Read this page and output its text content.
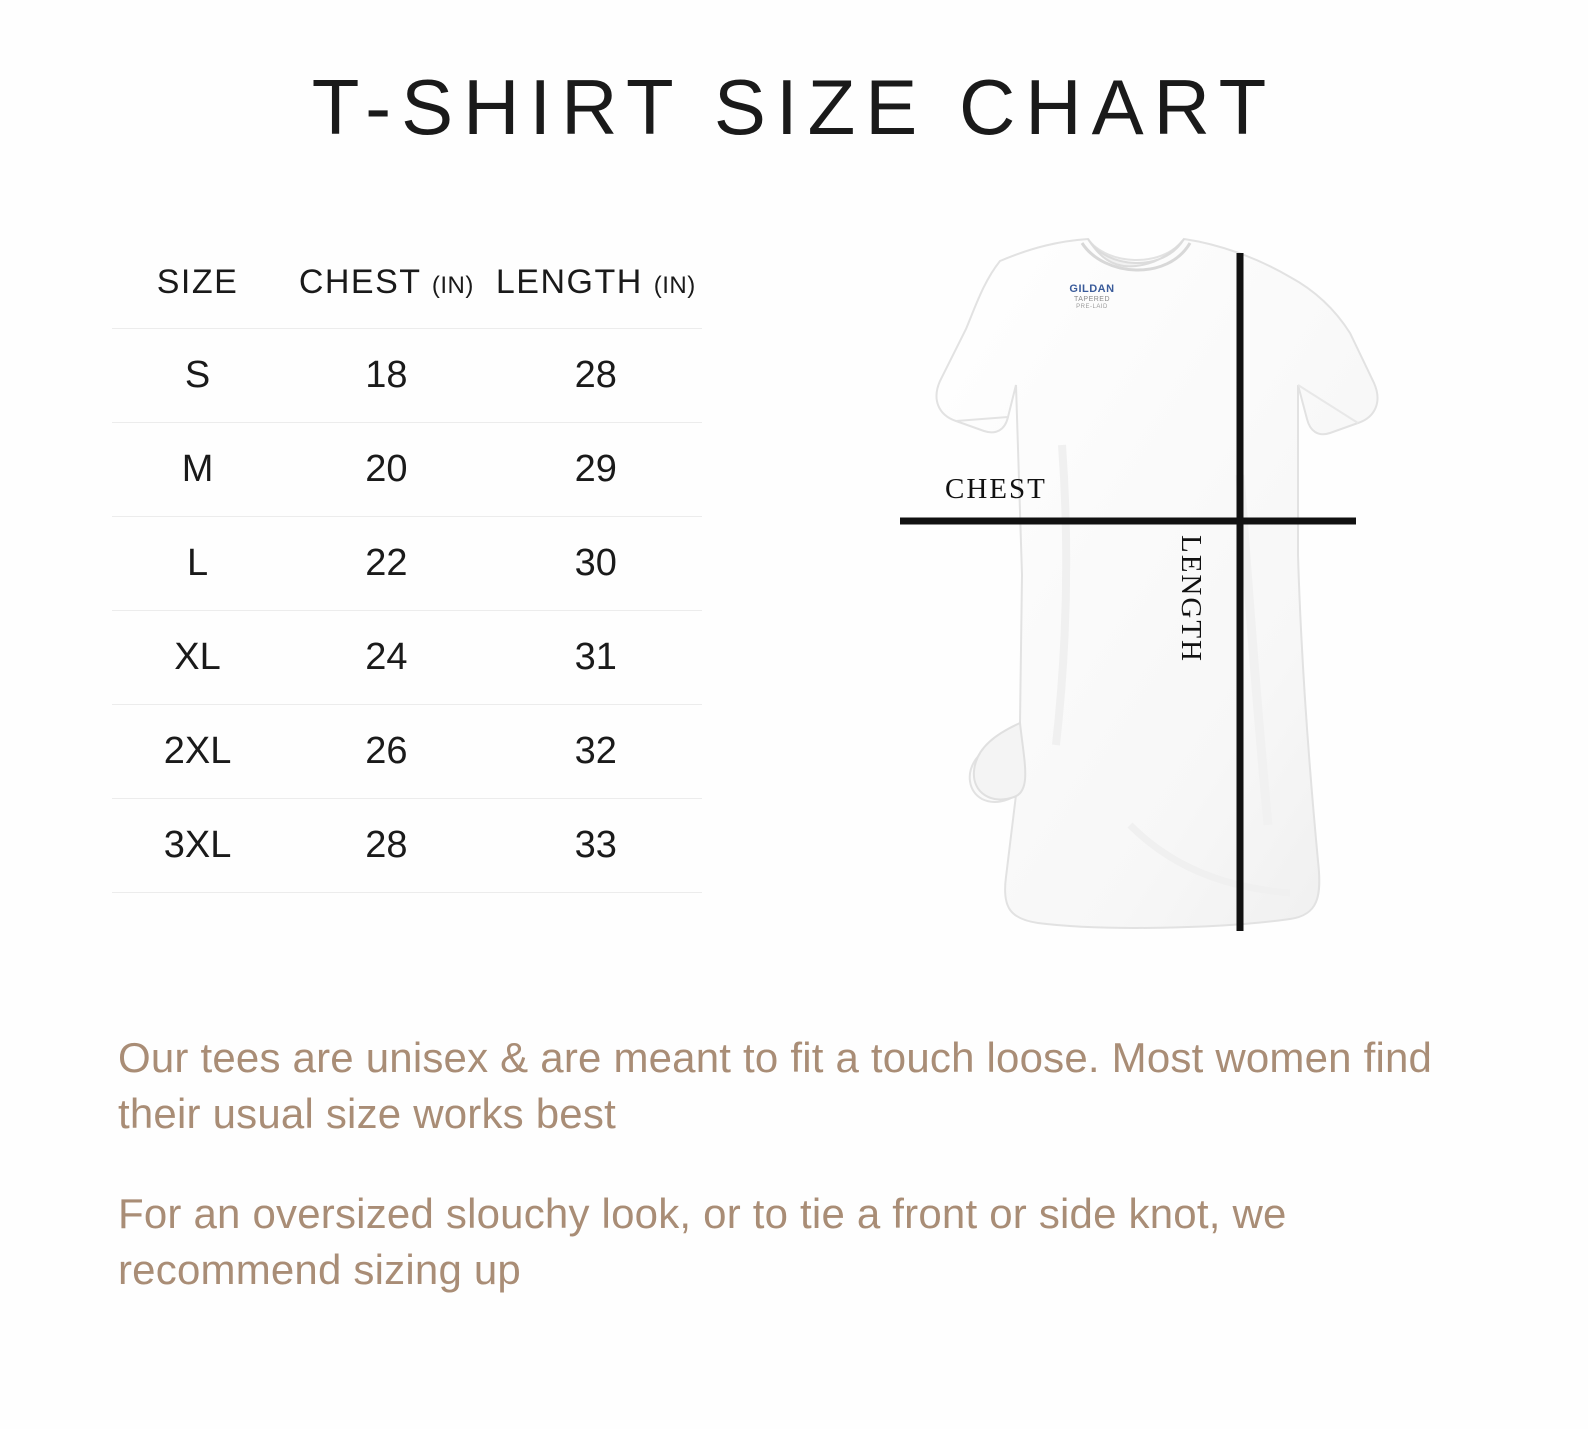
T-SHIRT SIZE CHART
SIZE	CHEST (IN)	LENGTH (IN)
S	18	28
M	20	29
L	22	30
XL	24	31
2XL	26	32
3XL	28	33
GILDAN
TAPERED
PRE-LAID
CHEST
LENGTH
Our tees are unisex & are meant to fit a touch loose. Most women find their usual size works best
For an oversized slouchy look, or to tie a front or side knot, we recommend sizing up
